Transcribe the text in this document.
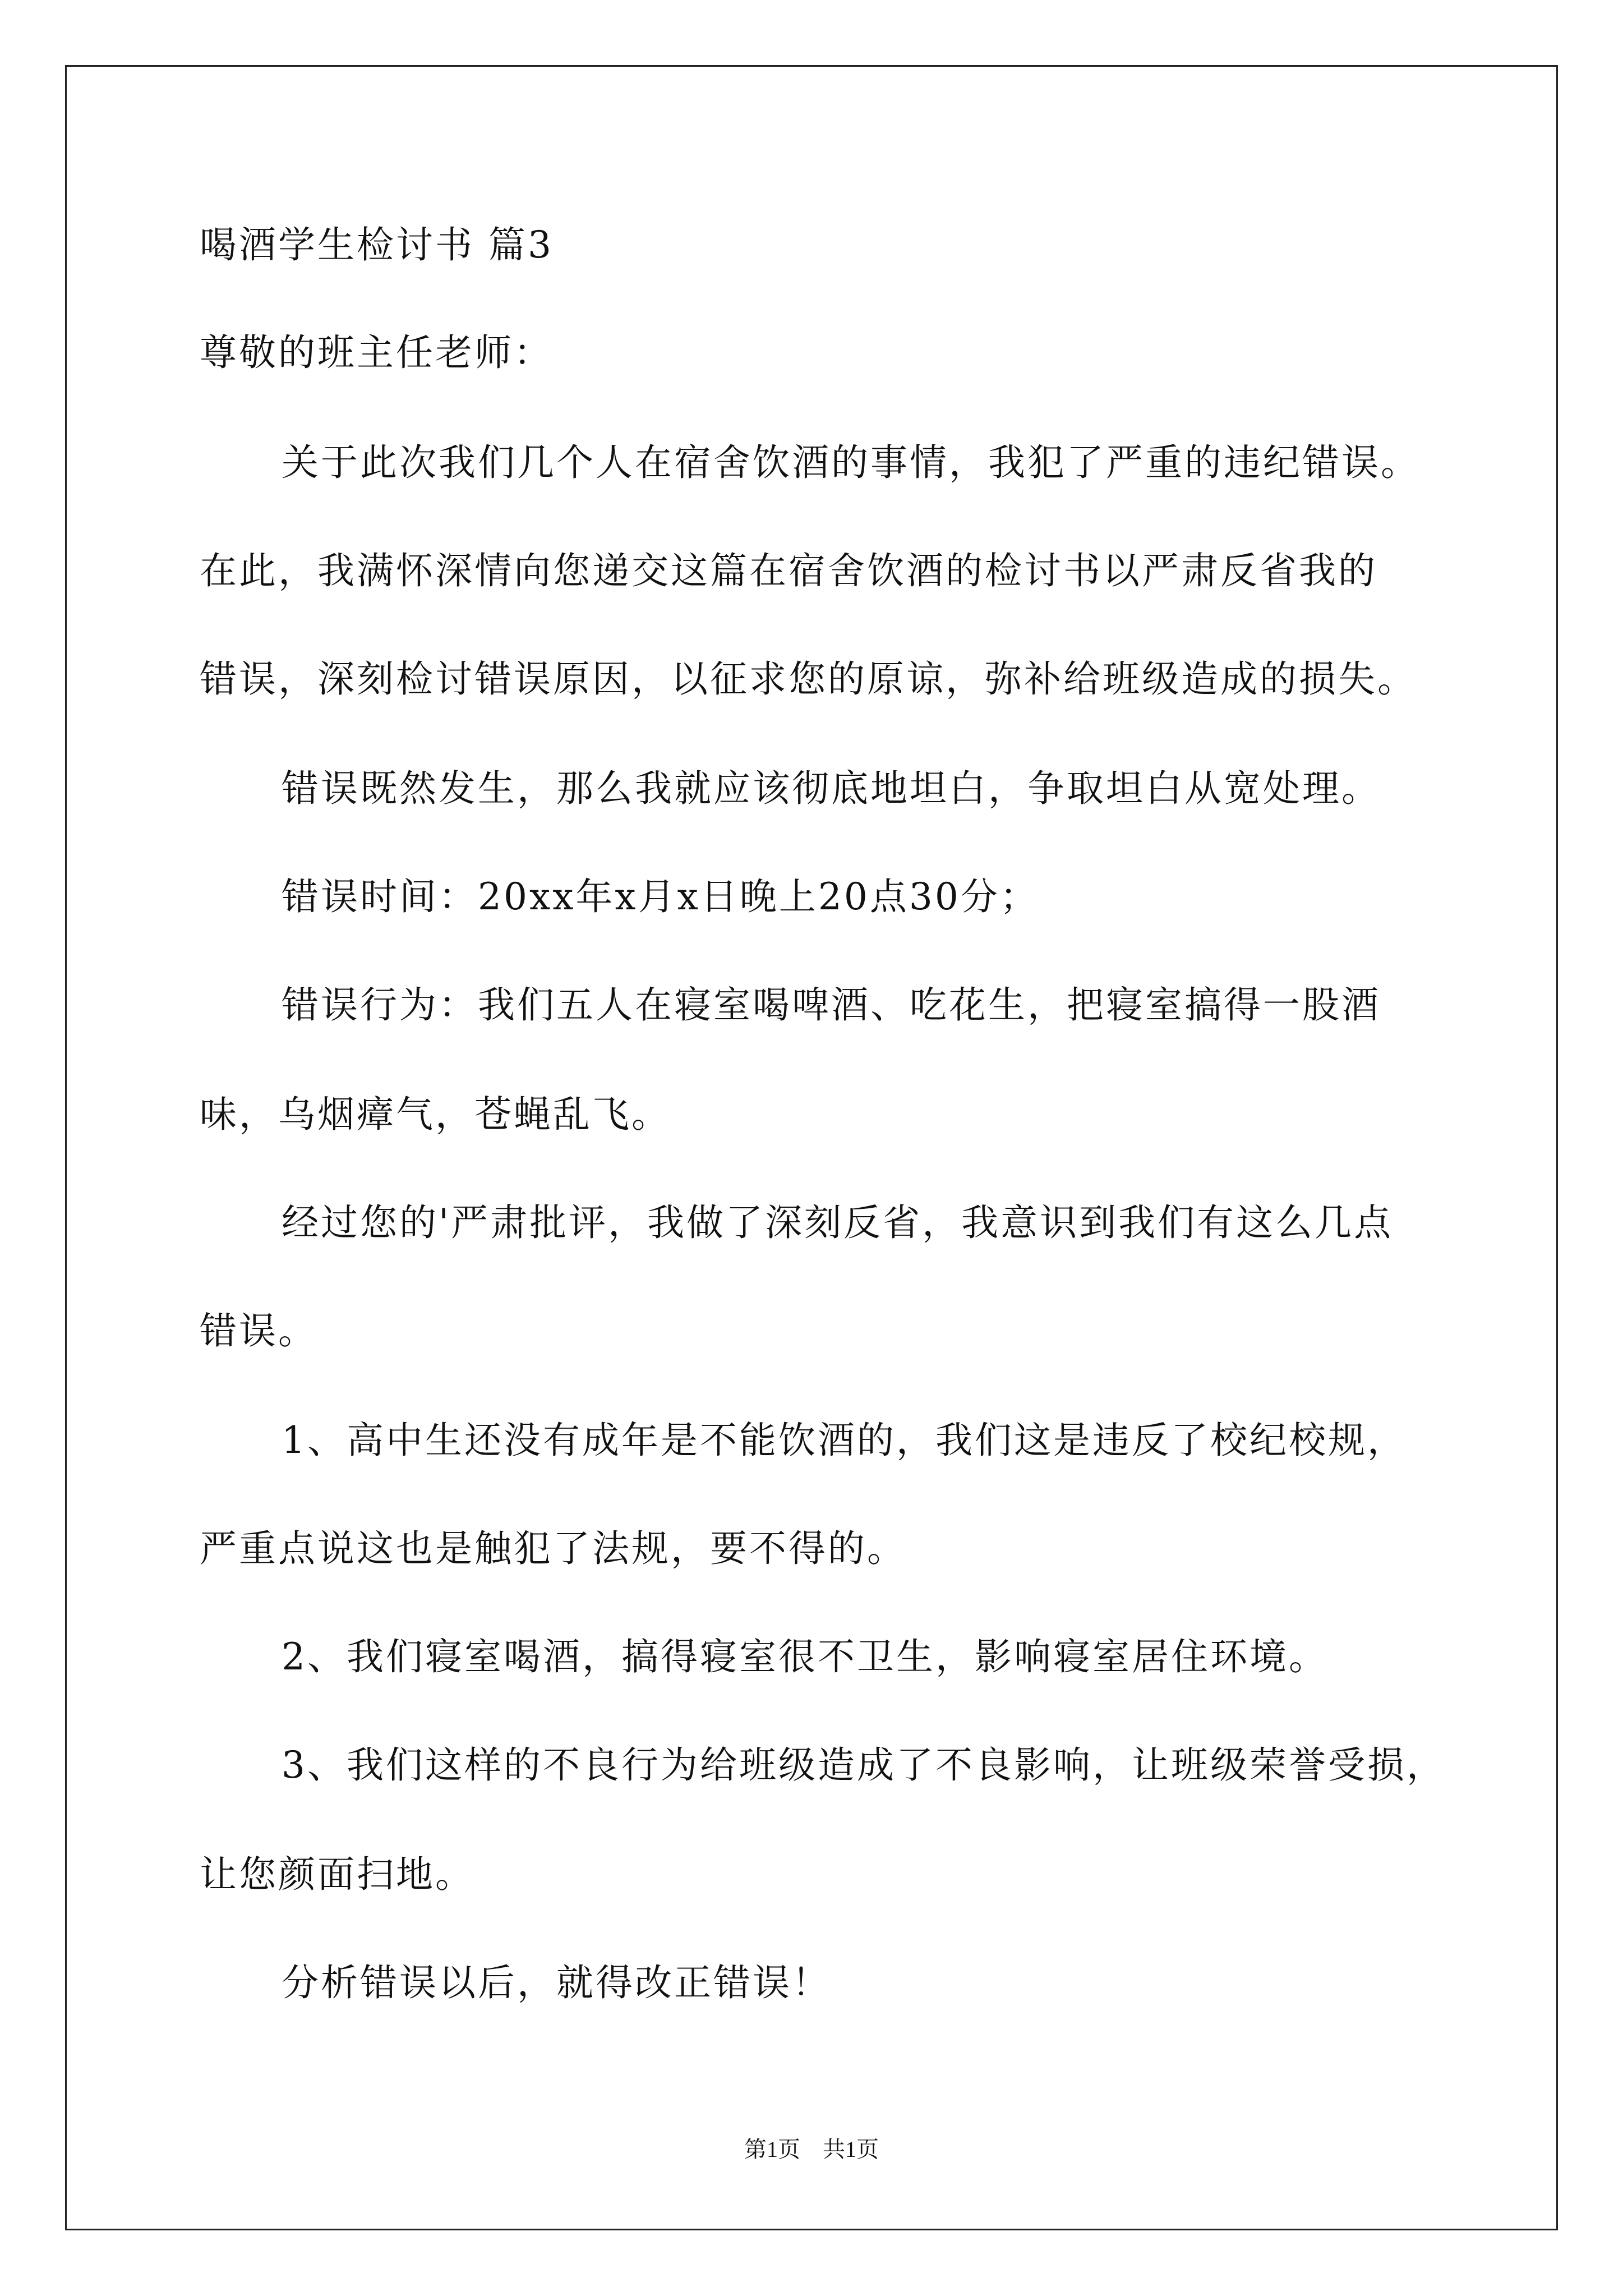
喝酒学生检讨书 篇3
尊敬的班主任老师：
关于此次我们几个人在宿舍饮酒的事情，我犯了严重的违纪错误。
在此，我满怀深情向您递交这篇在宿舍饮酒的检讨书以严肃反省我的
错误，深刻检讨错误原因，以征求您的原谅，弥补给班级造成的损失。
错误既然发生，那么我就应该彻底地坦白，争取坦白从宽处理。
错误时间：20xx年x月x日晚上20点30分；
错误行为：我们五人在寝室喝啤酒、吃花生，把寝室搞得一股酒
味，乌烟瘴气，苍蝇乱飞。
经过您的'严肃批评，我做了深刻反省，我意识到我们有这么几点
错误。
1、高中生还没有成年是不能饮酒的，我们这是违反了校纪校规，
严重点说这也是触犯了法规，要不得的。
2、我们寝室喝酒，搞得寝室很不卫生，影响寝室居住环境。
3、我们这样的不良行为给班级造成了不良影响，让班级荣誉受损，
让您颜面扫地。
分析错误以后，就得改正错误！
第1页　共1页
